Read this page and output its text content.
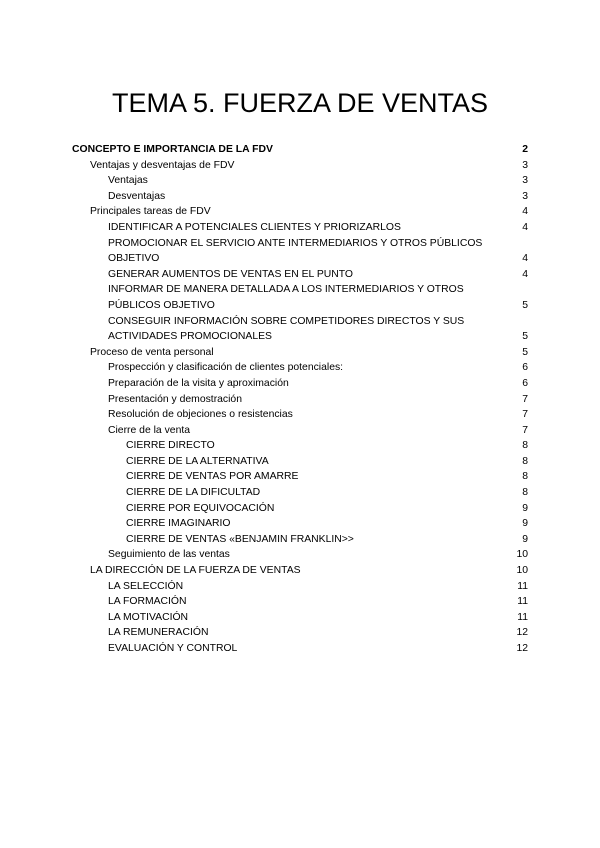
TEMA 5. FUERZA DE VENTAS
CONCEPTO E IMPORTANCIA DE LA FDV	2
Ventajas y desventajas de FDV	3
Ventajas	3
Desventajas	3
Principales tareas de FDV	4
IDENTIFICAR A POTENCIALES CLIENTES Y PRIORIZARLOS	4
PROMOCIONAR EL SERVICIO ANTE INTERMEDIARIOS Y OTROS PÚBLICOS OBJETIVO	4
GENERAR AUMENTOS DE VENTAS EN EL PUNTO	4
INFORMAR DE MANERA DETALLADA A LOS INTERMEDIARIOS Y OTROS PÚBLICOS OBJETIVO	5
CONSEGUIR INFORMACIÓN SOBRE COMPETIDORES DIRECTOS Y SUS ACTIVIDADES PROMOCIONALES	5
Proceso de venta personal	5
Prospección y clasificación de clientes potenciales:	6
Preparación de la visita y aproximación	6
Presentación y demostración	7
Resolución de objeciones o resistencias	7
Cierre de la venta	7
CIERRE DIRECTO	8
CIERRE DE LA ALTERNATIVA	8
CIERRE DE VENTAS POR AMARRE	8
CIERRE DE LA DIFICULTAD	8
CIERRE POR EQUIVOCACIÓN	9
CIERRE IMAGINARIO	9
CIERRE DE VENTAS «BENJAMIN FRANKLIN>>	9
Seguimiento de las ventas	10
LA DIRECCIÓN DE LA FUERZA DE VENTAS	10
LA SELECCIÓN	11
LA FORMACIÓN	11
LA MOTIVACIÓN	11
LA REMUNERACIÓN	12
EVALUACIÓN Y CONTROL	12
